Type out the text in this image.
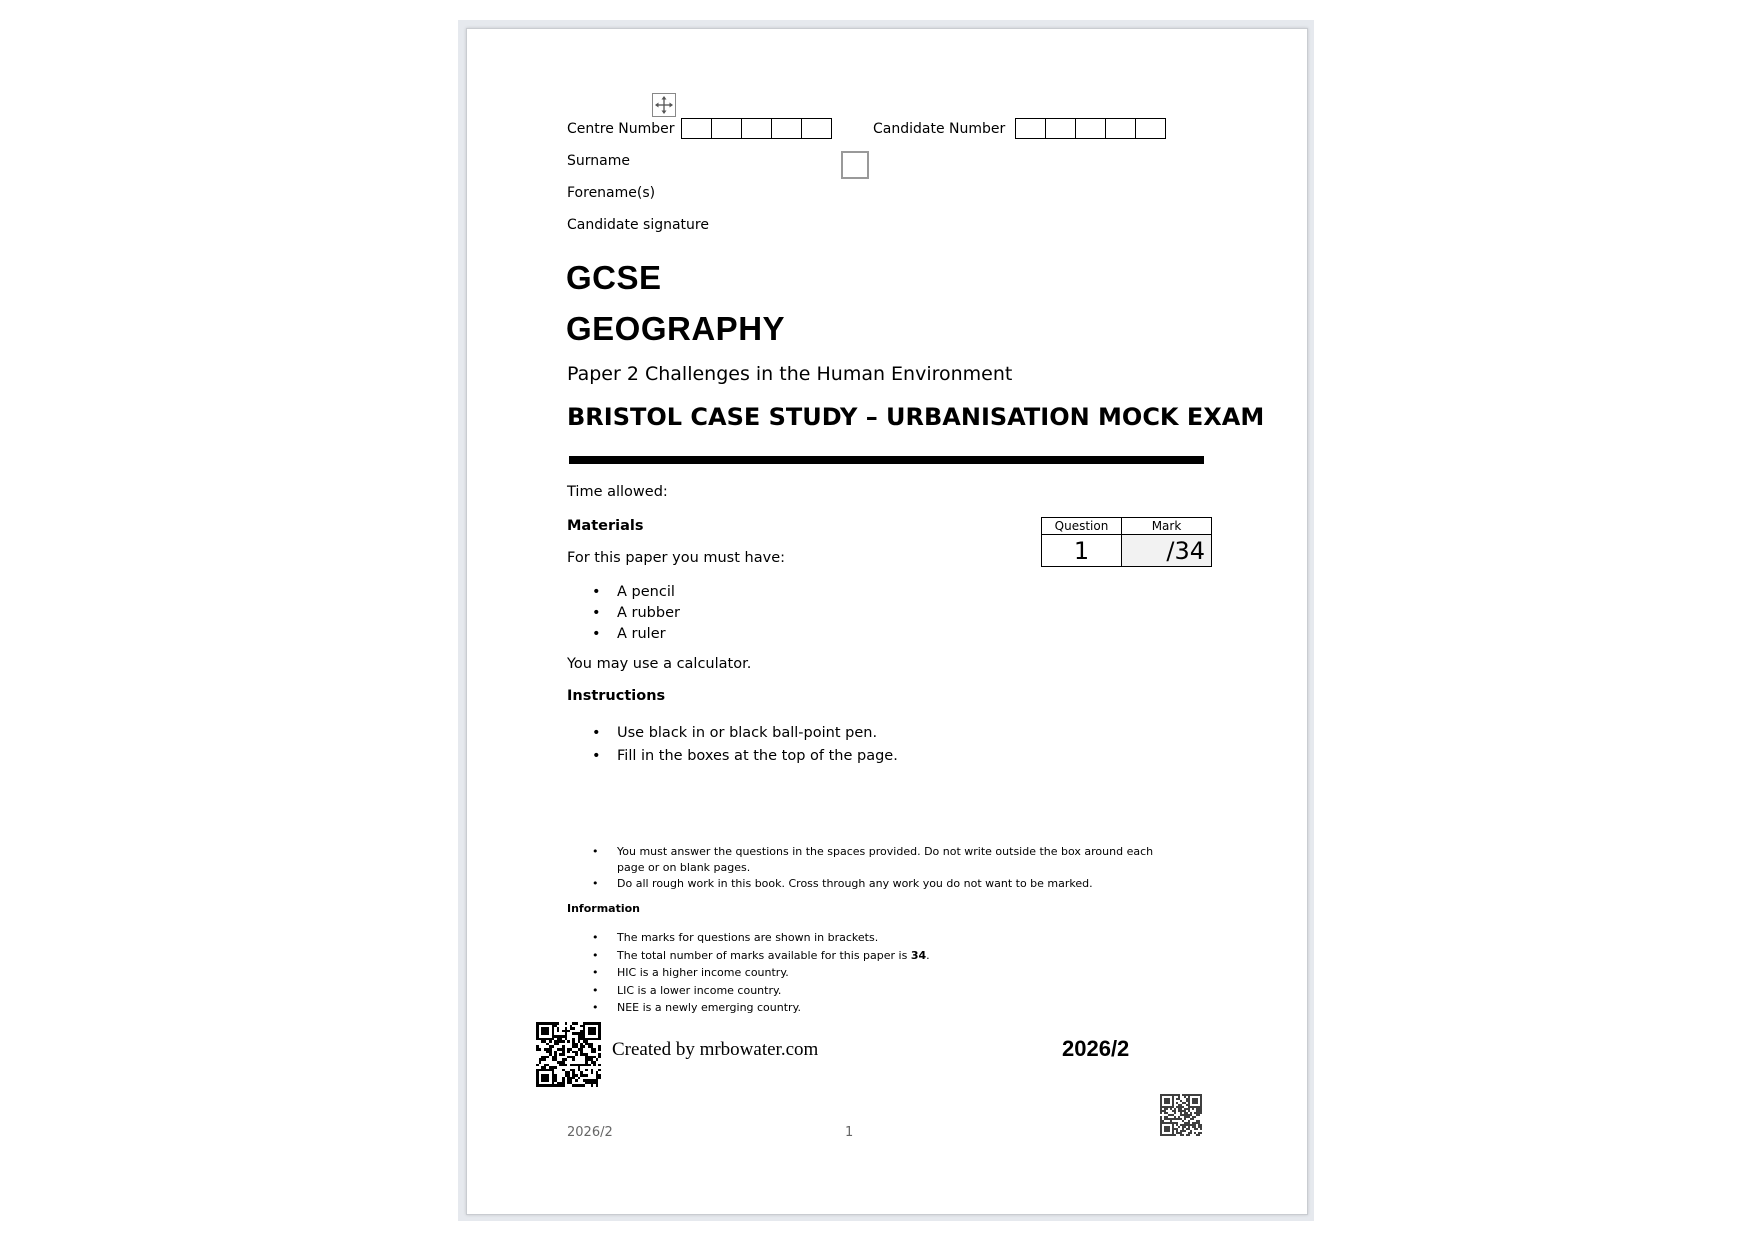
Centre Number	Candidate Number
Surname
Forename(s)
Candidate signature
GCSE
GEOGRAPHY
Paper 2 Challenges in the Human Environment
BRISTOL CASE STUDY – URBANISATION MOCK EXAM
Time allowed:
Materials
For this paper you must have:
• A pencil
• A rubber
• A ruler
You may use a calculator.
Question	Mark
1	/34
Instructions
• Use black in or black ball-point pen.
• Fill in the boxes at the top of the page.
• You must answer the questions in the spaces provided. Do not write outside the box around each page or on blank pages.
• Do all rough work in this book. Cross through any work you do not want to be marked.
Information
• The marks for questions are shown in brackets.
• The total number of marks available for this paper is 34.
• HIC is a higher income country.
• LIC is a lower income country.
• NEE is a newly emerging country.
Created by mrbowater.com	2026/2
2026/2	1
